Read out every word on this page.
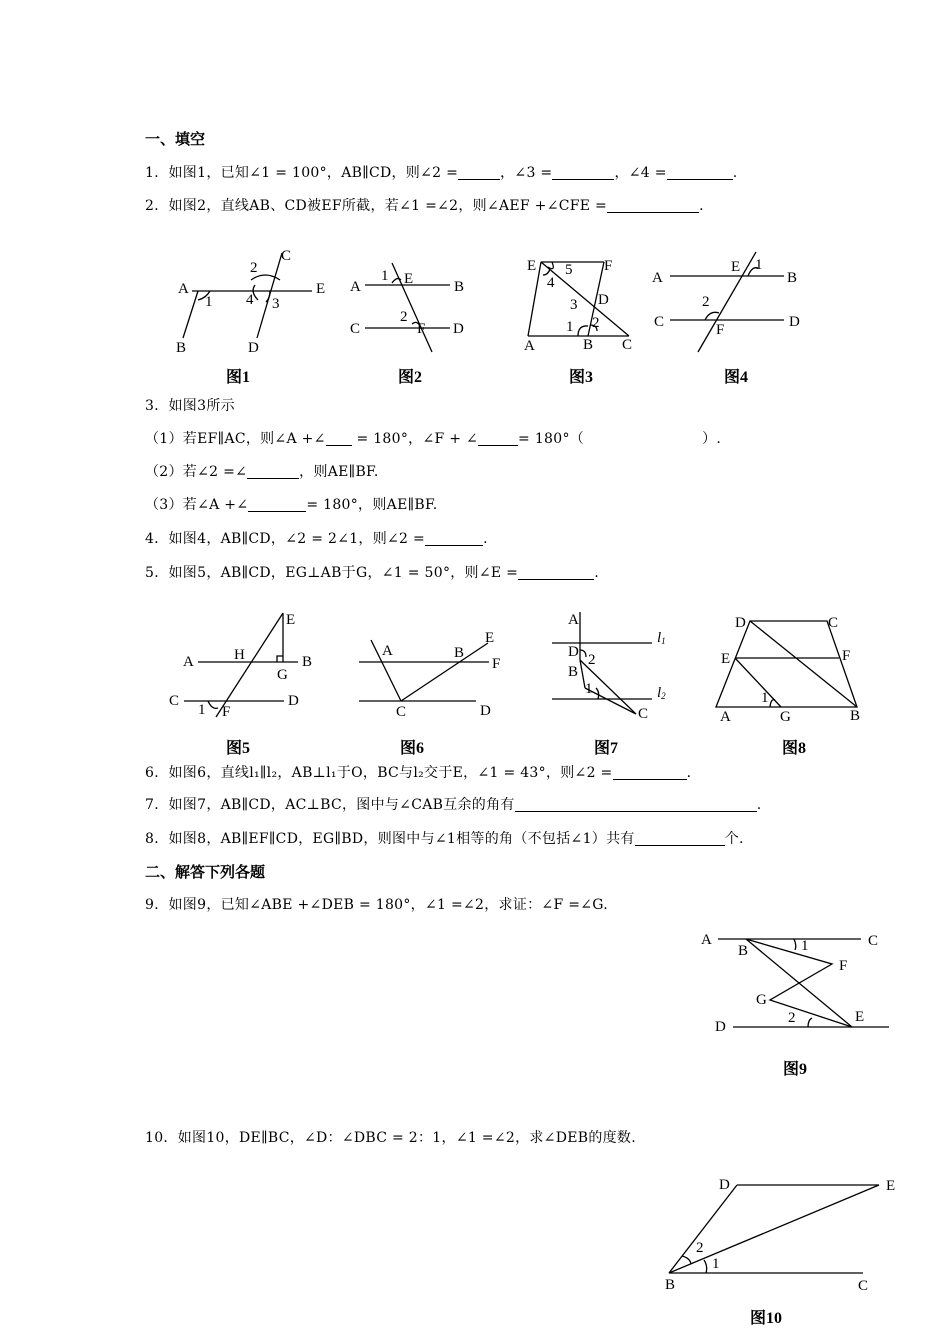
一、填空
1．如图1，已知∠1 = 100°，AB∥CD，则∠2 =	，∠3 =	，∠4 =	.
2．如图2，直线AB、CD被EF所截，若∠1 =∠2，则∠AEF +∠CFE =	.
A
B
C
D
E
1
2
3
4
A	B
C	D
E
F
1
2
E	F
A	B C
D
1 2
3
4
5	A	B
C	D
E
F
1
2
图1	图2	图3	图4
3．如图3所示
（1）若EF∥AC，则∠A +∠ = 180°，∠F + ∠	= 180°（	）.
（2）若∠2 =∠	，则AE∥BF.
（3）若∠A +∠	= 180°，则AE∥BF.
4．如图4，AB∥CD，∠2 = 2∠1，则∠2 =	.
5．如图5，AB∥CD，EG⊥AB于G，∠1 = 50°，则∠E =	.
A	B
C	D
E
F
G
H
1
A	B
C	D
E
F
A
D
B
C
2
1
l1
l2
D	C
E	F
A	G	B
1
图5	图6	图7	图8
6．如图6，直线l₁∥l₂，AB⊥l₁于O，BC与l₂交于E，∠1 = 43°，则∠2 =	.
7．如图7，AB∥CD，AC⊥BC，图中与∠CAB互余的角有	.
8．如图8，AB∥EF∥CD，EG∥BD，则图中与∠1相等的角（不包括∠1）共有	个.
二、解答下列各题
9．如图9，已知∠ABE +∠DEB = 180°，∠1 =∠2，求证：∠F =∠G.
A
B
C
D
E
F
G
1
2
图9
10．如图10，DE∥BC，∠D：∠DBC = 2：1，∠1 =∠2，求∠DEB的度数.
D	E
B	C
1
2
图10
